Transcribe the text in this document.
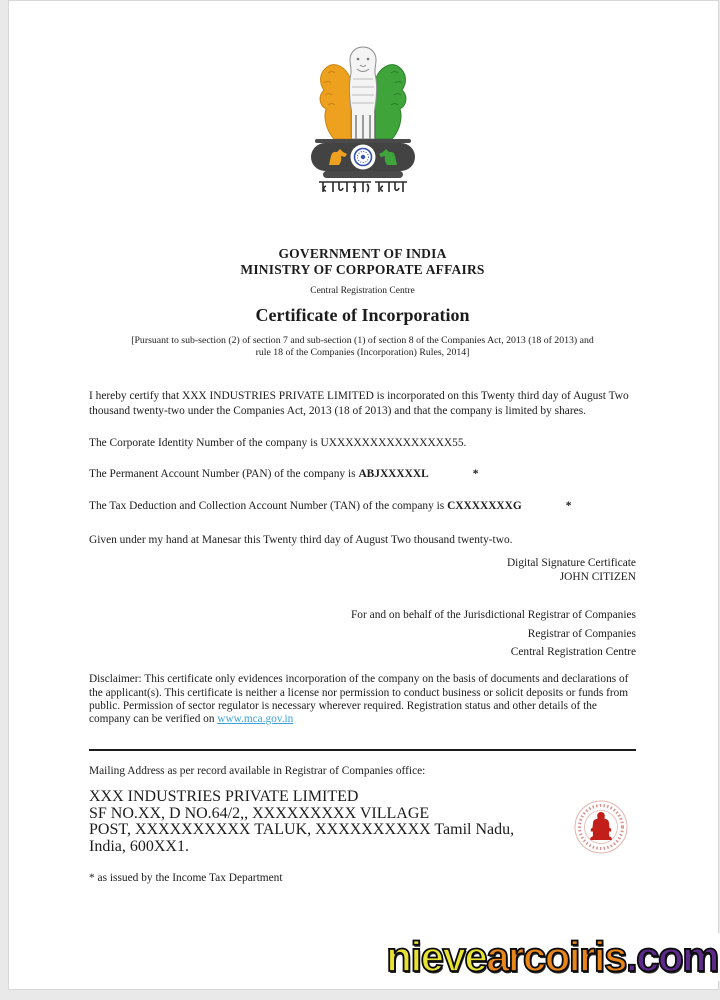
GOVERNMENT OF INDIA
MINISTRY OF CORPORATE AFFAIRS
Central Registration Centre
Certificate of Incorporation
[Pursuant to sub-section (2) of section 7 and sub-section (1) of section 8 of the Companies Act, 2013 (18 of 2013) and rule 18 of the Companies (Incorporation) Rules, 2014]

I hereby certify that XXX INDUSTRIES PRIVATE LIMITED is incorporated on this Twenty third day of August Two thousand twenty-two under the Companies Act, 2013 (18 of 2013) and that the company is limited by shares.

The Corporate Identity Number of the company is UXXXXXXXXXXXXXXX55.

The Permanent Account Number (PAN) of the company is ABJXXXXXL	*

The Tax Deduction and Collection Account Number (TAN) of the company is CXXXXXXXG	*

Given under my hand at Manesar this Twenty third day of August Two thousand twenty-two.

Digital Signature Certificate
JOHN CITIZEN
For and on behalf of the Jurisdictional Registrar of Companies
Registrar of Companies
Central Registration Centre

Disclaimer: This certificate only evidences incorporation of the company on the basis of documents and declarations of the applicant(s). This certificate is neither a license nor permission to conduct business or solicit deposits or funds from public. Permission of sector regulator is necessary wherever required. Registration status and other details of the company can be verified on www.mca.gov.in

Mailing Address as per record available in Registrar of Companies office:

XXX INDUSTRIES PRIVATE LIMITED
SF NO.XX, D NO.64/2,, XXXXXXXXX VILLAGE
POST, XXXXXXXXXX TALUK, XXXXXXXXXX Tamil Nadu,
India, 600XX1.

* as issued by the Income Tax Department

nievearcoiris.com
